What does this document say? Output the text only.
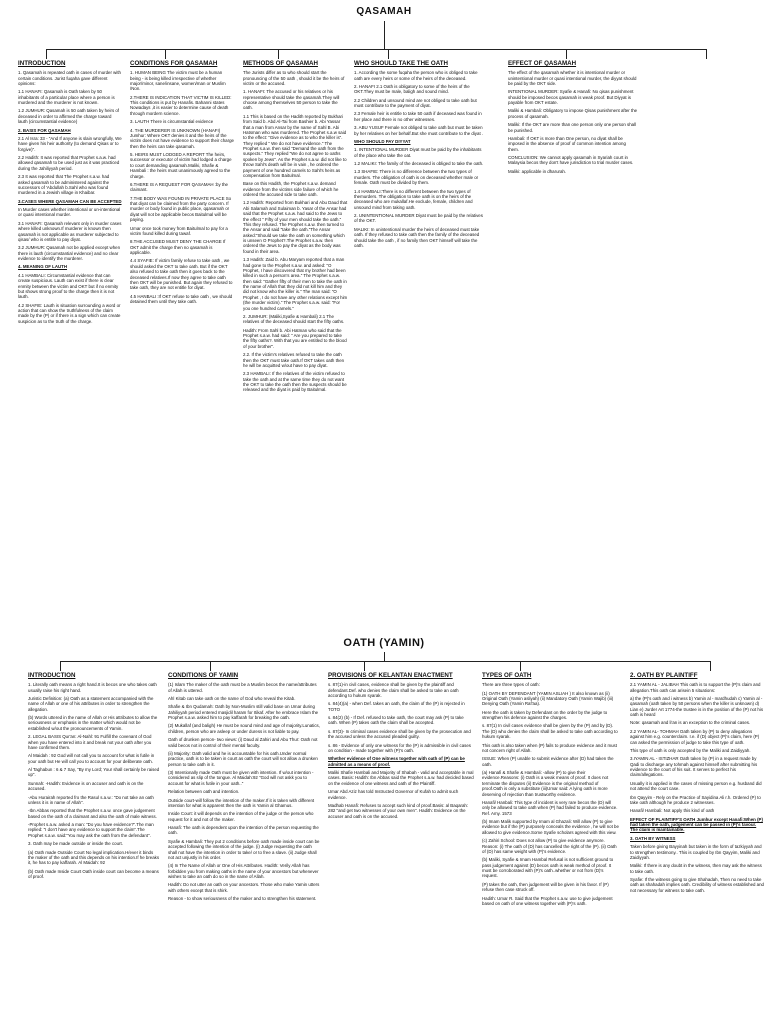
QASAMAH
INTRODUCTION
1. Qasamah is repeated oath in cases of murder with certain conditions. Jurist fuqaha gave different opinions:
1.1 HANAFI: Qasamah is Oath taken by 50 inhabitants of a particular place where a person is murdered and the murderer is not known.
1.2 JUMHUR: Qasamah is 50 oath taken by heirs of deceased in order to affirmed the charge toward lauth (circumstantial evidence)
2. BASIS FOR QASAMAH
2.1 Al Isra: 33 - "And If anyone is slain wrongfully, We have given his heir authority (to demand Qisas or to forgive)".
2.2 Hadith: It was reported that Prophet s.a.w. had allowed qasamah to be used just as it was practiced during the Jahiliyyah period.
2.3 It was reported that The Prophet s.a.w. had asked qasamah to be administered against the successors of 'Abdullah b.Sahl who was found murdered in a Jewish village in Khaibar.
3.CASES WHERE QASAMAH CAN BE ACCEPTED
In Murder cases whether intentional or un-intentional or quasi intentional murder.
3.1 HANAFI: Qasamah relevant only in murder cases where killed unknown.If murderer is known then qasamah is not applicable as murderer subjected to qisas/ who is entitle to pay diyat.
3.2 JUMHUR: Qasamah not be applied except when there is lauth (circumstantial evidence) and no clear evidence to identify the murderer.
4. MEANING OF LAUTH
4.1 HAMBALI: Circumstantial evidence that can create suspicious. Lauth can exist if there is clear enmity between the victim and OKT but if no enmity but shows strong proof to the charge then it is not lauth.
4.2 SHAFIE: Lauth is situation surrounding a word or action that can show the truthfulness of the claim made by the (P) or if there is a sign which can create suspicion as to the truth of the charge.
CONDITIONS FOR QASAMAH
1. HUMAN BEING The victim must be a human being - is being killed irrespective of whether major/minor, sane/insane, women/man or Muslim /Non.
2.THERE IS INDICATION THAT VICTIM IS KILLED: This conditions is put by Hanafis. Bahanni states Nowadays ,it is easier to determine cause of death through mordern science.
3. LAUTH There is circumstantial evidence
4. THE MURDERER IS UNKNOWN (HANAFI) Jumhur: Where OKT denies it and the heirs of the victim does not have evidence to support their charge then the heirs can take qasamah.
5. HEIRS MUST LODGED A REPORT The heirs, successor or executor of victim had lodged a charge to court demanding qasamah.Maliki, Shafie & Hambali : the heirs must unanimously agreed to the charge.
6.THERE IS A REQUEST FOR QASAMAH :by the claimant.
7.THE BODY WAS FOUND IN PRIVATE PLACE So that diyat can be claimed from the party concern. If murder or body found in public place, qqasamah or diyat will not be applicable becos Baitulmal will be paying.
Umar once took money from Baitulmal to pay for a victim found killed during tawaf.
8.THE ACCUSED MUST DENY THE CHARGE If OKT admit the charge then no qasamah is applicable.
4.4 SYAFIE: If victim family refuse to take oath , we should asked the OKT to take oath. But if the OKT also refused to take oath then it goes back to the deceased relatives.If now they agree to take oath then OKT will be punished. But again they refused to take oath, they are not entitle for diyat.
4.5 HANBALI :If OKT refuse to take oath , we should detained them until they take oath.
METHODS OF QASAMAH
The Jurists differ as to who should start the pronouncing of the 50 oath , should it be the heirs of victim or the accused.
1. HANAFI: The accused or his relatives or his representative should take the qasamah.They will choose among themselves 50 person to take the oath.
1.1 This is based on the Hadith reported by Bukhari from Said b. Abd Al-Tai from Bashier b. Abi Yassar that a man from Ansar by the name of Sahl B. Abi Hatsman who was murdered. The Prophet s.a.w said to the effect: "Give evidence as to who the killer is". They replied " We do not have evidence." The Prophet s.a.w. then said "Demand the oath from the suspects." They replied "We do not agree to oaths spoken by Jews". As the Prophet s.a.w. did not like to throw Sahl's death will be in vain , he ordered the payment of one hundred camels to Sahl's heirs as compensation from Baitulmal.
Base on this Hadith, the Prophet s.a.w. demand evidence from the victims side failure of which he ordered the accused side to take oath.
1.2 Hadith: Reported from Bukhari and Abu Daud that Abi Salamah and Sulaiman b. Yasar of the Ansar had said that the Prophet s.a.w. had said to the Jews to the effect " Fifty of your men should take the oath." This they refused. The Prophet s.a.w. then turned to the Ansar and said "take the oath."The Ansar asked:"Should we take the oath on something which is unseen O Prophet?.The Prophet s.a.w. then ordered the Jews to pay the diyat as the body was found in their area.
1.3 Hadith: Zaid b. Abu Maryam reported that a man had gone to the Prophet s.a.w. and asked: "O Prophet, I have discovered that my brother had been killed in such a person's area." The Prophet s.a.w. then said: "Gather fifty of their men to take the oath in the name of Allah that they did not kill him and they did not know who the killer is." The man said: "O Prophet , I do not have any other relations except him (the murder victim)." The Prophet s.a.w. said: "For you one hundred camels."
2. JUMHUR: (Maliki,Syafie & Hambali) 2.1 The relatives of the deceased should start the fifty oaths.
Hadith: From Sahl b. Abi Hatman who said that the Prophet s.a.w. had said: " Are you prepared to take the fifty oaths?. With that you are entitled to the blood of your brother".
2.2. If the victim's relatives refused to take the oath then the OKT must take oath.If OKT takes oath then he will be acquitted w/out have to pay diyat.
2.3 HAMBALI: If the relatives of the victim refused to take the oath and at the same time they do not want the OKT to take the oath then the suspects should be released and the diyat is paid by Baitulmal.
WHO SHOULD TAKE THE OATH
1. According the some fuqaha the person who is obliged to take oath are every heirs or some of the heirs of the deceased.
2. HANAFI 2.1 Oath is obligatory to some of the heirs of the OKT.They must be male, baligh and sound mind.
2.2 Children and unsound mind are not obliged to take oath but must contribute to the payment of diyat.
2.3 Female heir is entitle to take 50 oath if deceased was found in her place and there is no other witnesses.
3. ABU YUSUF Female not obliged to take oath but must be taken by her relatives on her behalf.But she must contribute to the diyat .
WHO SHOULD PAY DIYYAT
1. INTENTIONAL MURDER Diyat must be paid by the inhabitants of the place who take the oat.
1.2 MALIKI: The family of the deceased is obliged to take the oath.
1.3 SHAFIE: There is no difference between the two types of murders. The obligation of oath is on deceased whether male or female. Oath must be divided by them.
1.4 HAMBALI:There is no different between the two types of themurders. The obligation to take oath is on the heirs of the deceased who are mukallaf.He exclude, female, children and unsound mind from taking oath.
2. UNINTENTIONAL MURDER Diyat must be paid by the relatives of the OKT.
MALIKI: In unintentional murder the heirs of deceased must take oath. If they refused to take oath then the family of the deceased should take the oath , if no family then OKT himself will take the oath.
EFFECT OF QASAMAH
The effect of the qasamah whether it is intentional murder or unintentional murder or quasi intentional murder, the diyyat should be paid by the OKT side.
INTENTIONAL MURDER: Syafie & Hanafi: No qisas punishment should be imposed becos qasamah is weak proof. But Diyyat is payable from OKT estate.
Maliki & Hambali: Obligatory to impose Qisas punishment after the process of qasamah.
Maliki: If the OKT are more than one person only one person shall be punished.
Hambali: If OKT is more than One person, no diyat shall be imposed in the absence of proof of common intention among them.
CONCLUSION: We cannot apply qasamah in Syariah court in Malaysia becos they don't have jurisdiction to trial murder cases.
Maliki: applicable in dharurah.
OATH (YAMIN)
INTRODUCTION
1. Literally oath means a right hand.It is becos one who takes oath usually raise his right hand.
Juristic Definition: (a) Oath as a statement accompanied with the name of Allah or one of his attributes in order to strengthen the allegation.
(b) Words uttered in the name of Allah or His attributes to allow the seriousness or emphasis in the matter which would not be established w/out the pronouncements of Yamin.
2. LEGAL BASIS Qur'an: Al-Nahl: 91 Fulfill the covenant of God when you have entered into it and break not your oath after you have confirmed them.
Al Maidah : 92 God will not call you to account for what is futile in your oath but He will call you to account for your deliberate oath.
Al Taghabun : 6 & 7 Say, "By my Lord; Your shall certainly be raised up".
Sunnah: -Hadith: Evidence is on accuser and oath is on the accused.
-Abu Hurairah reported fro the Rasul s.a.w.: "Do not take an oath unless it is in name of Allah".
-Ibn Abbas reported that the Prophet s.a.w. once gave judgement based on the oath of a claimant and also the oath of male witness.
-Prophet s.a.w. asked a man: "Do you have evidence?".The man replied: "I don't have any evidence to support the claim".The Prophet s.a.w. said:"You may ask the oath from the defendant".
3. Oath may be made outside or inside the court.
(a) Oath made Outside Court No legal implication.H/ever it binds the maker of the oath and this depends on his intention.If he breaks it, he has to pay kaffarah. Al Maidah: 92
(b) Oath made Inside Court Oath inside court can become a means of proof.
CONDITIONS OF YAMIN
(1) Islam The maker of the oath must be a Muslim becos the name/attributes of Allah is uttered.
Ahl Kitab can take oath on the name of God who reveal the Kitab.
Shafie & Ibn Qudamah: Oath by Non-Muslim still valid base on Umar during Jahiliyyah period entered masjidil haram for Itikaf. After he embrace Islam the Prophet s.a.w. asked him to pay kaffarah for breaking the oath.
(2) Mukallaf (and baligh) He must be sound mind and age of majority.Lunatics, children, person who are asleep or under duress is not liable to pay.
Oath of drunken person- two views: (i) Daud al Zahiri and Abu Thur: Oath not valid becos not in control of their mental faculty.
(ii) Majority: Oath valid and he is accountable for his oath.Under normal practice, oath is to be taken in court as oath the court will not allow a drunken person to take oath in it.
(3) Intentionally made Oath must be given with intention. If w/out intention - considered as slip of the tongue. Al Maidah:92 "God will not askk you to account for what is futile in your oath.."
Relation between oath and intention.
Outside court-will follow the intention of the maker.If it is taken with different intention for what is apparent then the oath is Yamin al Ghamus.
Inside Court: it will depends on the intention of the judge or the person who request for it and not of the maker.
Hanafi: The oath is dependent upon the intention of the person requesting the oath.
Syafie & Hambali: They put 2 conditions before oath made inside court can be accepted following the intention of the judge. (i) Judge requesting the oath shall not have the intention in order to take/ or to free a slave. (ii) Judge shall not act unjustly in his order.
(4) In The Name of Allah or One of His Attributes. Hadith: Verily Allah has forbidden you from making oaths in the name of your ancestors but whenever wishes to take an oath do so in the name of Allah.
Hadith: Do not utter an oath on your ancestors. Those who make Yamin utters with others except that is shirk.
Reason - to show seriousness of the maker and to strengthen his statement.
PROVISIONS OF KELANTAN ENACTMENT
s. 87(1)-in civil cases, evidence shall be given by the plaintiff and defendant.Def. who denies the claim shall be asked to take an oath according to hukum syarak.
s. 84(4)(a) - when Def. takes an oath, the claim of the (P) is rejected in TOTO
s. 84(2) (b) - If Def. refused to take oath, the court may ask (P) to take oath. When (P) takes oath the claim shall be accepted.
s. 87(3)- In criminal cases evidence shall be given by the prosecution and the accused unless the accused pleaded guilty.
s. 86 - Evidence of only one witness for the (P) is admissible in civil cases on condition - made together with (P)'s oath.
Whether evidence of One witness together with oath of (P) can be admitted as a means of proof.
Maliki Shafie Hambali and Majority of Shabah - valid and acceptable in mal cases. Basis: Hadith: Ibn Abbas said the Prophet s.a.w. had decided based on the evidence of one witness and oath of the Plaintiff.
Umar Abd Aziz has told Instructed Governor of Kufah to admit such evidence.
Madhab Hanafi: Refuses to accept such kind of proof.Basis: al Baqarah: 282 "and get two witnesses of your own men". Hadith: Evidence on the accuser and oath is on the accused.
TYPES OF OATH
There are three types of oath:
(1) OATH BY DEFENDANT (YAMIN ASLIAH ) It also known as (ii) Original Oath (Yamin asliyah) (ii) Mandatory Oath (Yamin Wajib) (iii) Denying Oath (Yamin Raf'aa).
Here the oath is taken by Defendant on the order by the judge to strengthen his defence against the charges.
s. 87(1) In civil cases evidence shall be given by the (P) and by (D). The (D) who denies the claim shall be asked to take oath according to hukum syarak.
This oath is also taken when (P) fails to produce evidence and it must not concern right of Allah.
ISSUE: When (P) unable to submit evidence after (D) had taken the oath.
(a) Hanafi & Shafie & Hambali: -allow (P) to give their evidence.Reasons: (i) Oath is a weak means of proof. It does not terminate the disputes (ii) Evidence is the original method of proof.Oath is only a substitute (iii)Umar said: A lying oath is more deserving of rejection than trustworthy evidence.
Hanafi/ Hanbali: This type of incident is very rare becos the (D) will only be allowed to take oath when (P) had failed to produce evidence. Ref. Amy. 1573
(b) Imam Malik supported by Imam al Ghazali: Will allow (P) to give evidence but if the (P) purposely conceals the evidence , he will not be allowed to give evidence.Some Syafie scholars agreed with this view.
(c) Zahiri School: Does not allow (P) to give evidence anymore. Reason: (i) The oath of (D) has cancelled the right of the (P). (ii) Oath of (D) has same weight with (P)'s evidence.
(b) Maliki, Syafie & Imam Hambal Refusal is not sufficient ground to pass judgement against (D) becos oath is weak method of proof. It must be corroborated with (P)'s oath..whether or not from (D)'s request.
(P) takes the oath, then judgement will be given in his favor. If (P) refuse then case struck off.
Hadith: Umar R. Said that the Prophet s.a.w. use to give judgement based on oath of one witness together with (P)'s oath.
2. OATH BY PLAINTIFF
2.1 YAMIN AL - JALIBAH This oath is to support the (P)'s claim and allegation.This oath can arisein 5 situations:
a) the (P)'s oath and i witness b) Yamin al - mardhudah c) Yamin al - qasamah (oath taken by 50 persons when the killer is unknown) d) Lian e) Jurder Art 1774-the trustee is in the position of the (P) not his oath is heard
Note: qasamah and li'an is an exception to the criminal cases.
2.2 YAMIN AL- TOHMAH Oath taken by (P) to deny allegations against him e.g. counterclaim. I.e. if (D) object (P)'s claim, here (P) can asked the permission of judge to take this type of oath.
This type of oath is only accepted by the Maliki and Zaidiyyah.
3.IYAMIN AL - ISTIZHAR Oath taken by (P) in a request made by Qadi to discharge any tohmah against himself after submitting his evidence to the court of his suit. It serves to perfect his claim/allegations.
Usually it is applied in the cases of missing person e.g. husband did not attend the court case.
Ibn Qayyim - Rely on the Practice of Sayidina Ali r.h. Ordered (P) to take oath although he produce 2 witnesses.
Hanafi/ Hambali: Not apply this kind of oath
EFFECT OF PLAINTIFF'S OATH Jumhur except Hanafi:When (P) had taken the oath, judgement can be passed in (P)'s favour. The claim is maintainable.
3. OATH BY WITNESS
Taken before giving Bayyinah but taken in the form of tazkiyyah and to strengthen testimony.. This is coupled by Ibn Qayyim, Maliki and Zaidiyyah.
Maliki: If there is any doubt in the witness, then may ask the witness to take oath.
Syafie: If the witness going to give Shahadah, Then no need to take oath as shahadah implies oath. Credibility of witness established and not necessary for witness to take oath.
